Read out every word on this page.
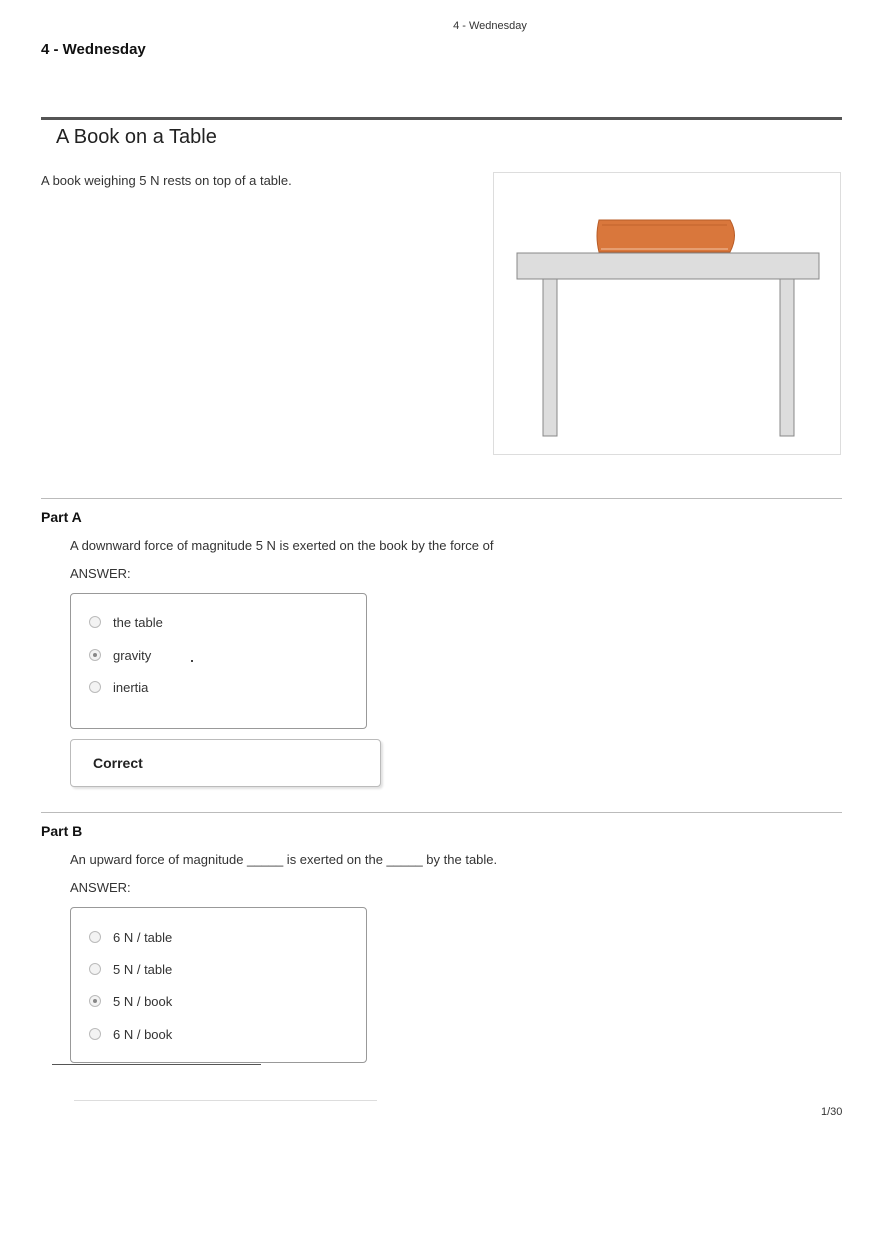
4 - Wednesday
4 - Wednesday
A Book on a Table
A book weighing 5 N rests on top of a table.
Part A
A downward force of magnitude 5 N is exerted on the book by the force of
ANSWER:
the table
gravity
inertia
Correct
Part B
An upward force of magnitude _____ is exerted on the _____ by the table.
ANSWER:
6 N / table
5 N / table
5 N / book
6 N / book
1/30
